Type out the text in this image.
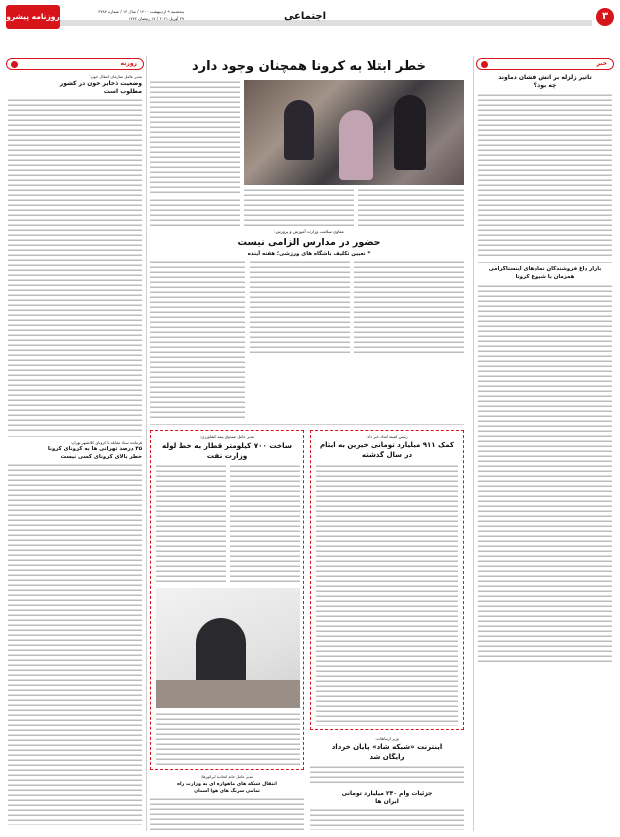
۳
اجتماعی
روزنامه پیشرو
پنجشنبه ۹ اردیبهشت ۱۴۰۰ / سال ۱۴ / شماره ۳۷۸۴
۲۹ آوریل ۲۰۲۱ / ۱۷ رمضان ۱۴۴۲
خبر
تاثیر زلزله بر آتش فشان دماوند
چه بود؟
بازار داغ فروشندگان نمادهای اینستاگرامی
همزمان با شیوع کرونا
خطر ابتلا به کرونا همچنان وجود دارد
معاون سلامت وزارت آموزش و پرورش:
حضور در مدارس الزامی نیست
* تعیین تکلیف باشگاه های ورزشی؛ هفته آینده
روزنه
مدیر عامل سازمان انتقال خون:
وضعیت ذخایر خون در کشور
مطلوب است
فرمانده ستاد مقابله با کرونای کلانشهر تهران:
۴۵ درصد تهرانی ها به کرونای کرونا
خطر بالای کرونای کسی نیست
مدیر عامل صندوق بیمه کشاورزی:
ساخت ۷۰۰ کیلومتر قطار به خط لوله
وزارت نفت
رئیس کمیته امداد خبر داد:
کمک ۹۱۱ میلیارد تومانی خیرین به ایتام
در سال گذشته
وزیر ارتباطات:
اینترنت «شبکه شاد» پایان خرداد
رایگان شد
جزئیات وام ۲۴۰ میلیارد تومانی
ایران ها
مدیر عامل خانه اتحادیه اپراتورها:
انتقال شبکه های ماهواره ای به وزارت راه
تمامی سرنگ های هوا آسمان
